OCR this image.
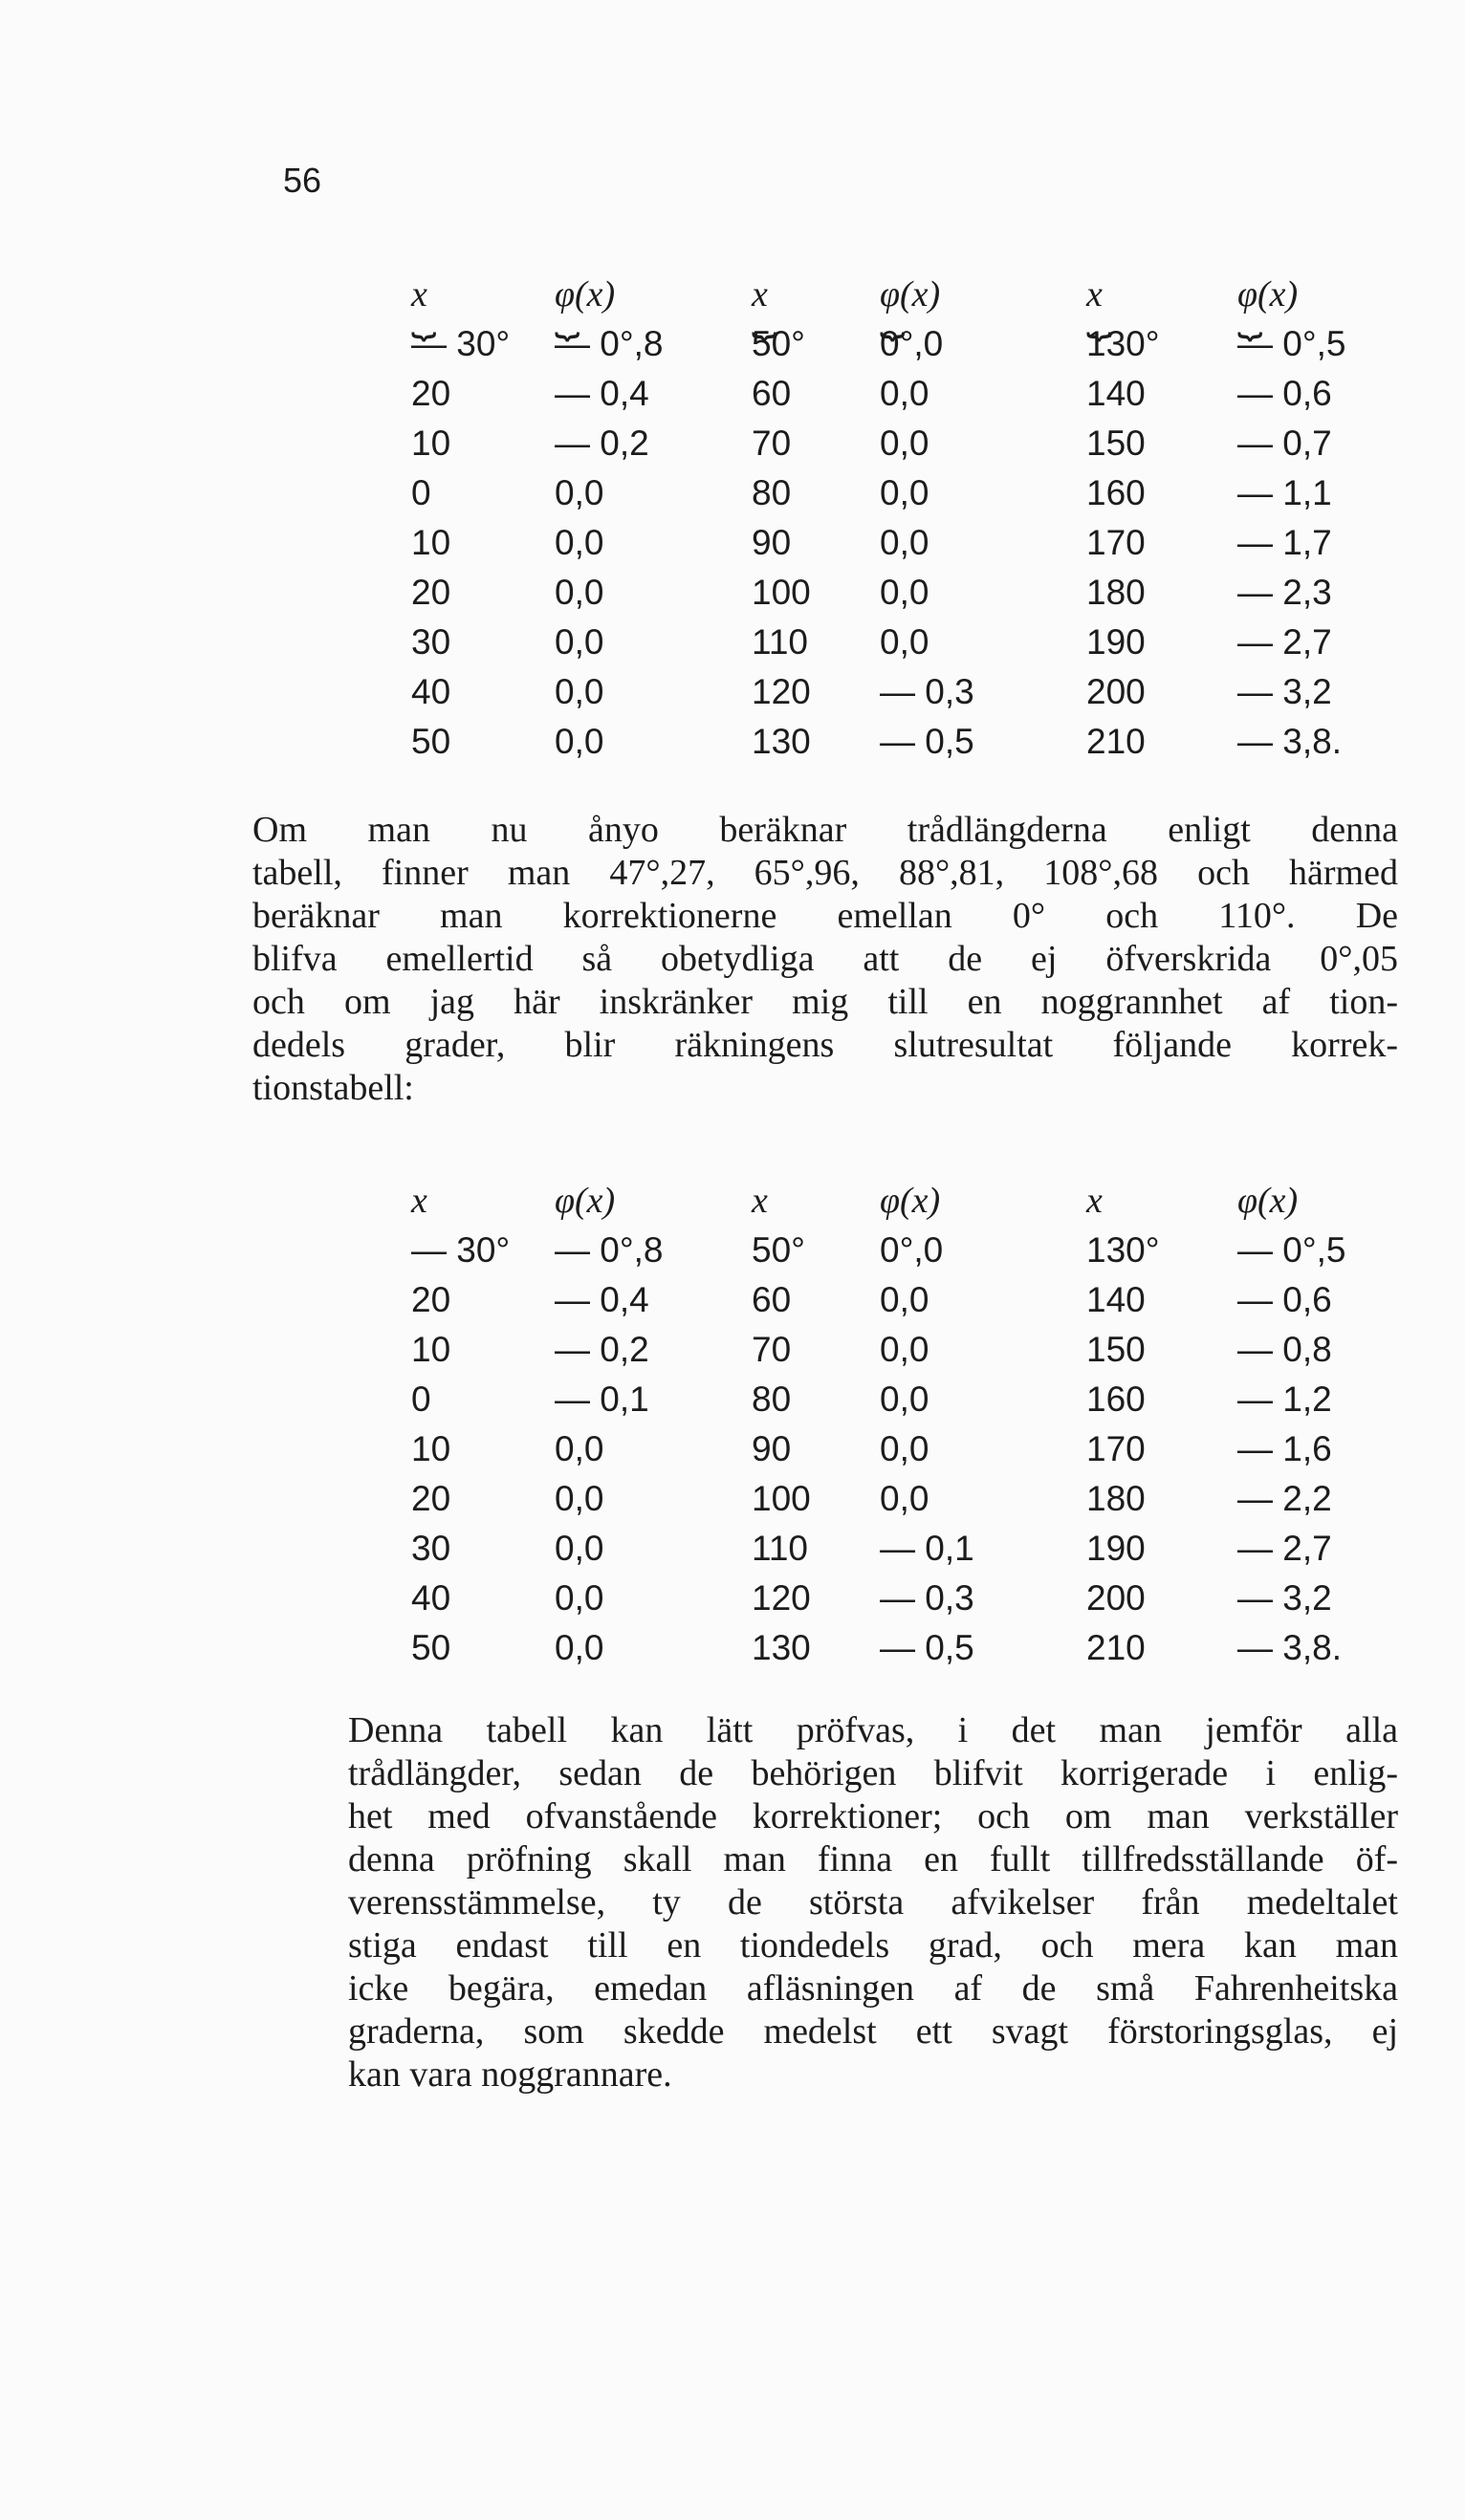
56
x ⏟	φ(x) ⏟	x ⏟	φ(x) ⏟	x ⏟	φ(x) ⏟
— 30°	— 0°,8	50°	0°,0	130°	— 0°,5
20	— 0,4	60	0,0	140	— 0,6
10	— 0,2	70	0,0	150	— 0,7
0	0,0	80	0,0	160	— 1,1
10	0,0	90	0,0	170	— 1,7
20	0,0	100	0,0	180	— 2,3
30	0,0	110	0,0	190	— 2,7
40	0,0	120	— 0,3	200	— 3,2
50	0,0	130	— 0,5	210	— 3,8.
Om man nu ånyo beräknar trådlängderna enligt denna
tabell, finner man 47°,27, 65°,96, 88°,81, 108°,68 och härmed
beräknar man korrektionerne emellan 0° och 110°. De
blifva emellertid så obetydliga att de ej öfverskrida 0°,05
och om jag här inskränker mig till en noggrannhet af tion-
dedels grader, blir räkningens slutresultat följande korrek-
tionstabell:
x	φ(x)	x	φ(x)	x	φ(x)
— 30°	— 0°,8	50°	0°,0	130°	— 0°,5
20	— 0,4	60	0,0	140	— 0,6
10	— 0,2	70	0,0	150	— 0,8
0	— 0,1	80	0,0	160	— 1,2
10	0,0	90	0,0	170	— 1,6
20	0,0	100	0,0	180	— 2,2
30	0,0	110	— 0,1	190	— 2,7
40	0,0	120	— 0,3	200	— 3,2
50	0,0	130	— 0,5	210	— 3,8.
Denna tabell kan lätt pröfvas, i det man jemför alla
trådlängder, sedan de behörigen blifvit korrigerade i enlig-
het med ofvanstående korrektioner; och om man verkställer
denna pröfning skall man finna en fullt tillfredsställande öf-
verensstämmelse, ty de största afvikelser från medeltalet
stiga endast till en tiondedels grad, och mera kan man
icke begära, emedan afläsningen af de små Fahrenheitska
graderna, som skedde medelst ett svagt förstoringsglas, ej
kan vara noggrannare.
